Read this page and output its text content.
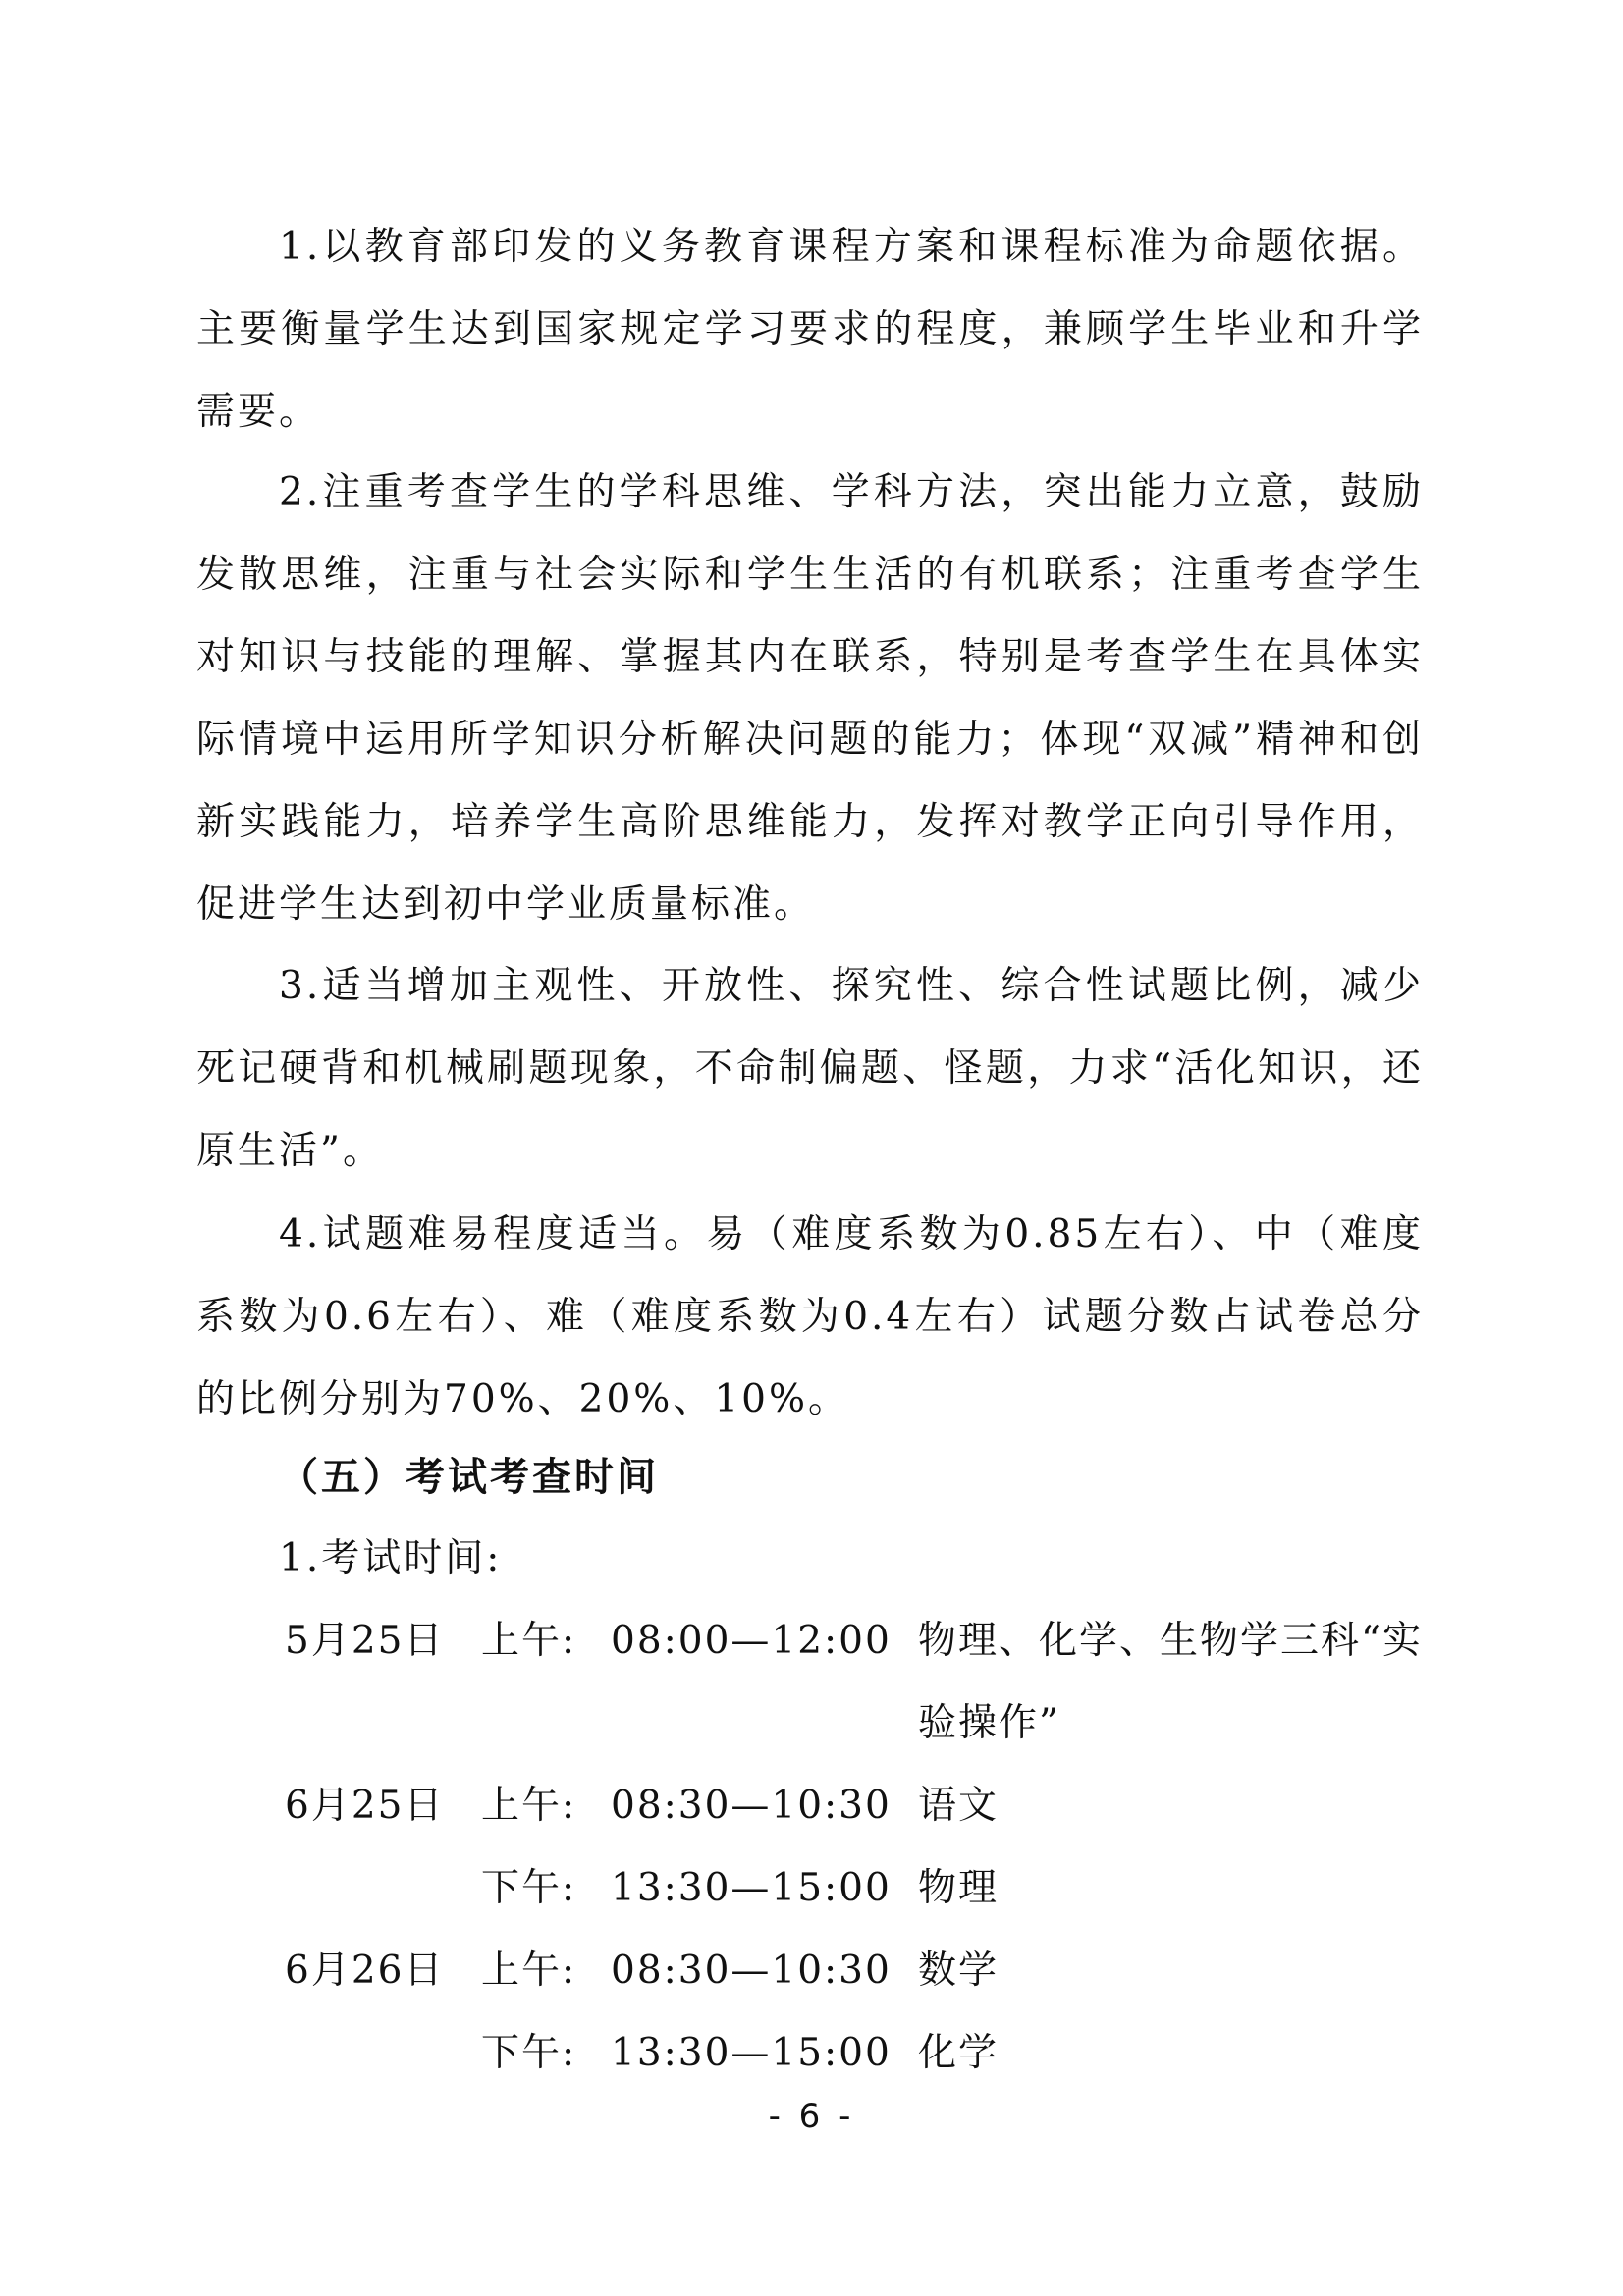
1.以教育部印发的义务教育课程方案和课程标准为命题依据。主要衡量学生达到国家规定学习要求的程度，兼顾学生毕业和升学需要。

2.注重考查学生的学科思维、学科方法，突出能力立意，鼓励发散思维，注重与社会实际和学生生活的有机联系；注重考查学生对知识与技能的理解、掌握其内在联系，特别是考查学生在具体实际情境中运用所学知识分析解决问题的能力；体现“双减”精神和创新实践能力，培养学生高阶思维能力，发挥对教学正向引导作用，促进学生达到初中学业质量标准。

3.适当增加主观性、开放性、探究性、综合性试题比例，减少死记硬背和机械刷题现象，不命制偏题、怪题，力求“活化知识，还原生活”。

4.试题难易程度适当。易（难度系数为0.85左右）、中（难度系数为0.6左右）、难（难度系数为0.4左右）试题分数占试卷总分的比例分别为70%、20%、10%。

（五）考试考查时间

1.考试时间:

5月25日 上午: 08:00—12:00 物理、化学、生物学三科“实验操作”
6月25日 上午: 08:30—10:30 语文
下午: 13:30—15:00 物理
6月26日 上午: 08:30—10:30 数学
下午: 13:30—15:00 化学
- 6 -
